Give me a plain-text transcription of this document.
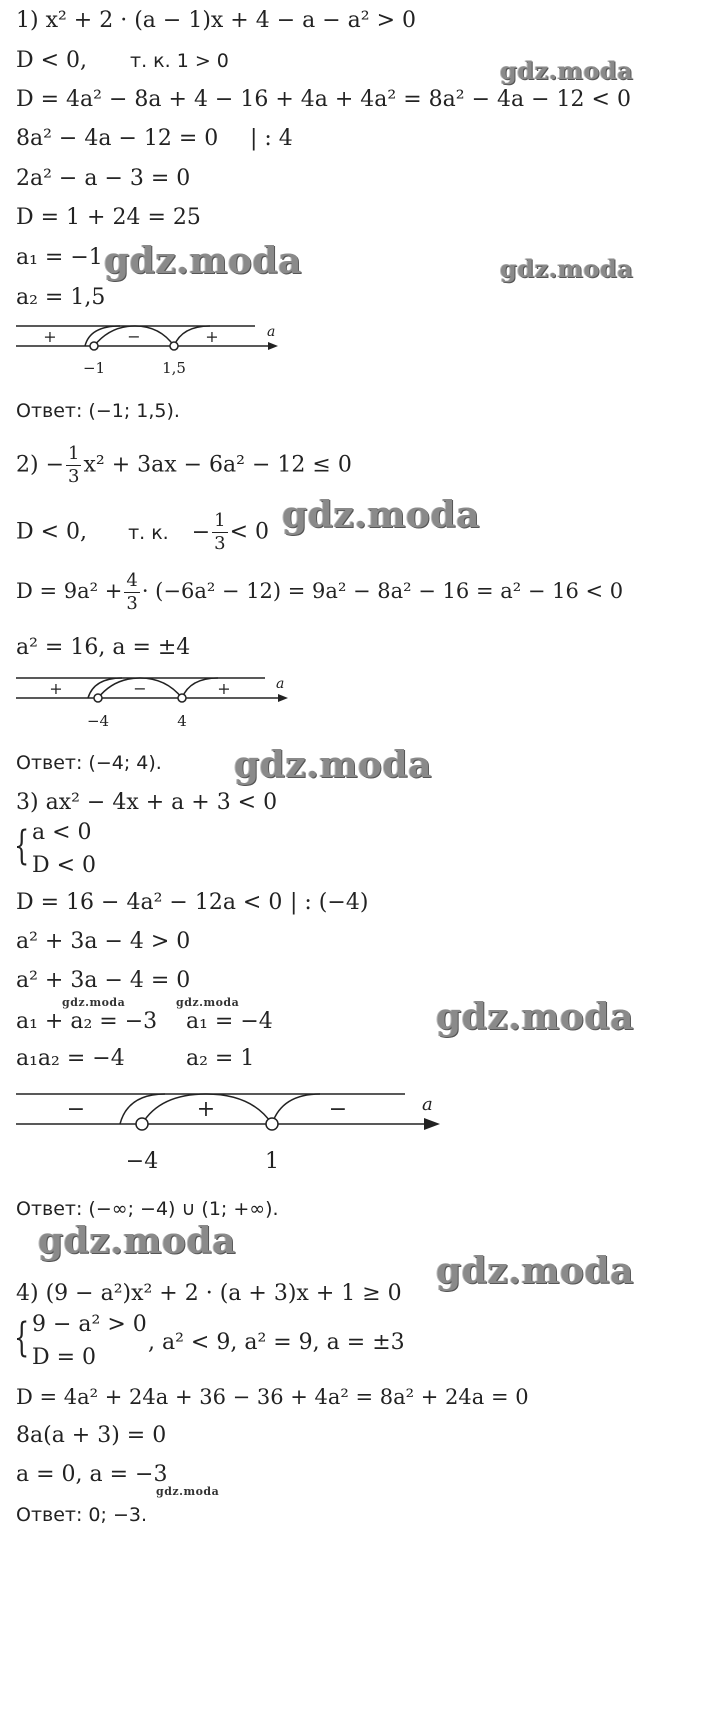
1) x² + 2 · (a − 1)x + 4 − a − a² > 0
D < 0, т. к. 1 > 0
D = 4a² − 8a + 4 − 16 + 4a + 4a² = 8a² − 4a − 12 < 0
8a² − 4a − 12 = 0 | : 4
2a² − a − 3 = 0
D = 1 + 24 = 25
a₁ = −1
a₂ = 1,5
+	−	+
−1	1,5
a
Ответ: (−1; 1,5).
$2) - \frac{1}{3} x^2 + 3ax - 6a^2 - 12 \le 0$
D < 0, т. к. − $\frac{1}{3} < 0$
$D = 9a^2 + \frac{4}{3} \cdot (-6a^2 - 12) = 9a^2 - 8a^2 - 16 = a^2 - 16 < 0$
a² = 16, a = ±4
+	−	+
−4	4
a
Ответ: (−4; 4).
3) ax² − 4x + a + 3 < 0
{ a < 0
D < 0
D = 16 − 4a² − 12a < 0 | : (−4)
a² + 3a − 4 > 0
a² + 3a − 4 = 0
a₁ + a₂ = −3 a₁ = −4
a₁a₂ = −4	a₂ = 1
−	+	−
−4	1
a
Ответ: (−∞; −4) ∪ (1; +∞).
4) (9 − a²)x² + 2 · (a + 3)x + 1 ≥ 0
{ 9 − a² > 0
D = 0
, a² < 9, a² = 9, a = ±3
D = 4a² + 24a + 36 − 36 + 4a² = 8a² + 24a = 0
8a(a + 3) = 0
a = 0, a = −3
Ответ: 0; −3.
gdz.moda
gdz.moda	gdz.moda
gdz.moda
gdz.moda
gdz.moda	gdz.moda	gdz.moda
gdz.moda
gdz.moda
gdz.moda
